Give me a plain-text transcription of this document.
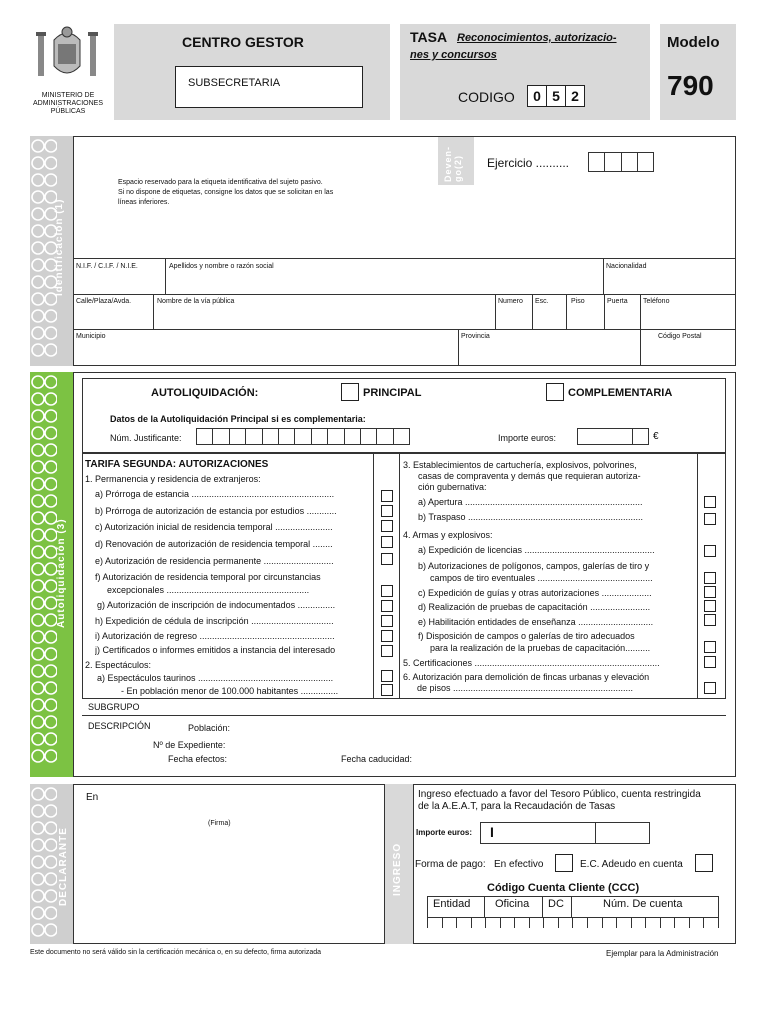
MINISTERIO DE
ADMINISTRACIONES
PÚBLICAS
CENTRO GESTOR
SUBSECRETARIA
TASA Reconocimientos, autorizacio-
nes y concursos
CODIGO	0 5 2
Modelo
790
Identificación (1)
Espacio reservado para la etiqueta identificativa del sujeto pasivo.
Si no dispone de etiquetas, consigne los datos que se solicitan en las
líneas inferiores.
Deven- go(2) Ejercicio ..........
N.I.F. / C.I.F. / N.I.E.	Apellidos y nombre o razón social	Nacionalidad
Calle/Plaza/Avda.	Nombre de la vía pública	Numero Esc.	Piso	Puerta Teléfono
Municipio	Provincia	Código Postal
Autoliquidación (3)
AUTOLIQUIDACIÓN:	PRINCIPAL	COMPLEMENTARIA
Datos de la Autoliquidación Principal si es complementaria:
Núm. Justificante:	Importe euros:	€
TARIFA SEGUNDA: AUTORIZACIONES
1. Permanencia y residencia de extranjeros:
a) Prórroga de estancia .........................................................
b) Prórroga de autorización de estancia por estudios ............
c) Autorización inicial de residencia temporal .......................
d) Renovación de autorización de residencia temporal ........
e) Autorización de residencia permanente ............................
f) Autorización de residencia temporal por circunstancias
excepcionales .........................................................
g) Autorización de inscripción de indocumentados ...............
h) Expedición de cédula de inscripción .................................
i) Autorización de regreso ......................................................
j) Certificados o informes emitidos a instancia del interesado
2. Espectáculos:
a) Espectáculos taurinos ......................................................
- En población menor de 100.000 habitantes ...............
3. Establecimientos de cartuchería, explosivos, polvorines,
casas de compraventa y demás que requieran autoriza-
ción gubernativa:
a) Apertura .......................................................................
b) Traspaso ......................................................................
4. Armas y explosivos:
a) Expedición de licencias ....................................................
b) Autorizaciones de polígonos, campos, galerías de tiro y
campos de tiro eventuales ..............................................
c) Expedición de guías y otras autorizaciones ....................
d) Realización de pruebas de capacitación ........................
e) Habilitación entidades de enseñanza ..............................
f) Disposición de campos o galerías de tiro adecuados
para la realización de la pruebas de capacitación..........
5. Certificaciones ..........................................................................
6. Autorización para demolición de fincas urbanas y elevación
de pisos ........................................................................
SUBGRUPO
DESCRIPCIÓN	Población:
Nº de Expediente:
Fecha efectos:	Fecha caducidad:
DECLARANTE
En
(Firma)
INGRESO
Ingreso efectuado a favor del Tesoro Público, cuenta restringida
de la A.E.A.T, para la Recaudación de Tasas
Importe euros: I
Forma de pago: En efectivo	E.C. Adeudo en cuenta
Código Cuenta Cliente (CCC)
Entidad Oficina DC	Núm. De cuenta
Este documento no será válido sin la certificación mecánica o, en su defecto, firma autorizada	Ejemplar para la Administración
